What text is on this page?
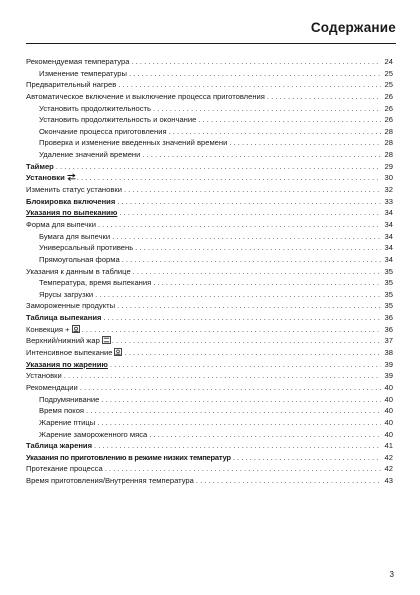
Содержание
Рекомендуемая температура . . .	24
Изменение температуры . . .	25
Предварительный нагрев . . .	25
Автоматическое включение и выключение процесса приготовления . . .	26
Установить продолжительность . . .	26
Установить продолжительность и окончание . . .	26
Окончание процесса приготовления . . .	28
Проверка и изменение введенных значений времени . . .	28
Удаление значений времени . . .	28
Таймер . . .	29
Установки . . .	30
Изменить статус установки . . .	32
Блокировка включения . . .	33
Указания по выпеканию . . .	34
Форма для выпечки . . .	34
Бумага для выпечки . . .	34
Универсальный противень . . .	34
Прямоугольная форма . . .	34
Указания к данным в таблице . . .	35
Температура, время выпекания . . .	35
Ярусы загрузки . . .	35
Замороженные продукты . . .	35
Таблица выпекания . . .	36
Конвекция + . . .	36
Верхний/нижний жар . . .	37
Интенсивное выпекание . . .	38
Указания по жарению . . .	39
Установки . . .	39
Рекомендации . . .	40
Подрумянивание . . .	40
Время покоя . . .	40
Жарение птицы . . .	40
Жарение замороженного мяса . . .	40
Таблица жарения . . .	41
Указания по приготовлению в режиме низких температур . . .	42
Протекание процесса . . .	42
Время приготовления/Внутренняя температура . . .	43
3
